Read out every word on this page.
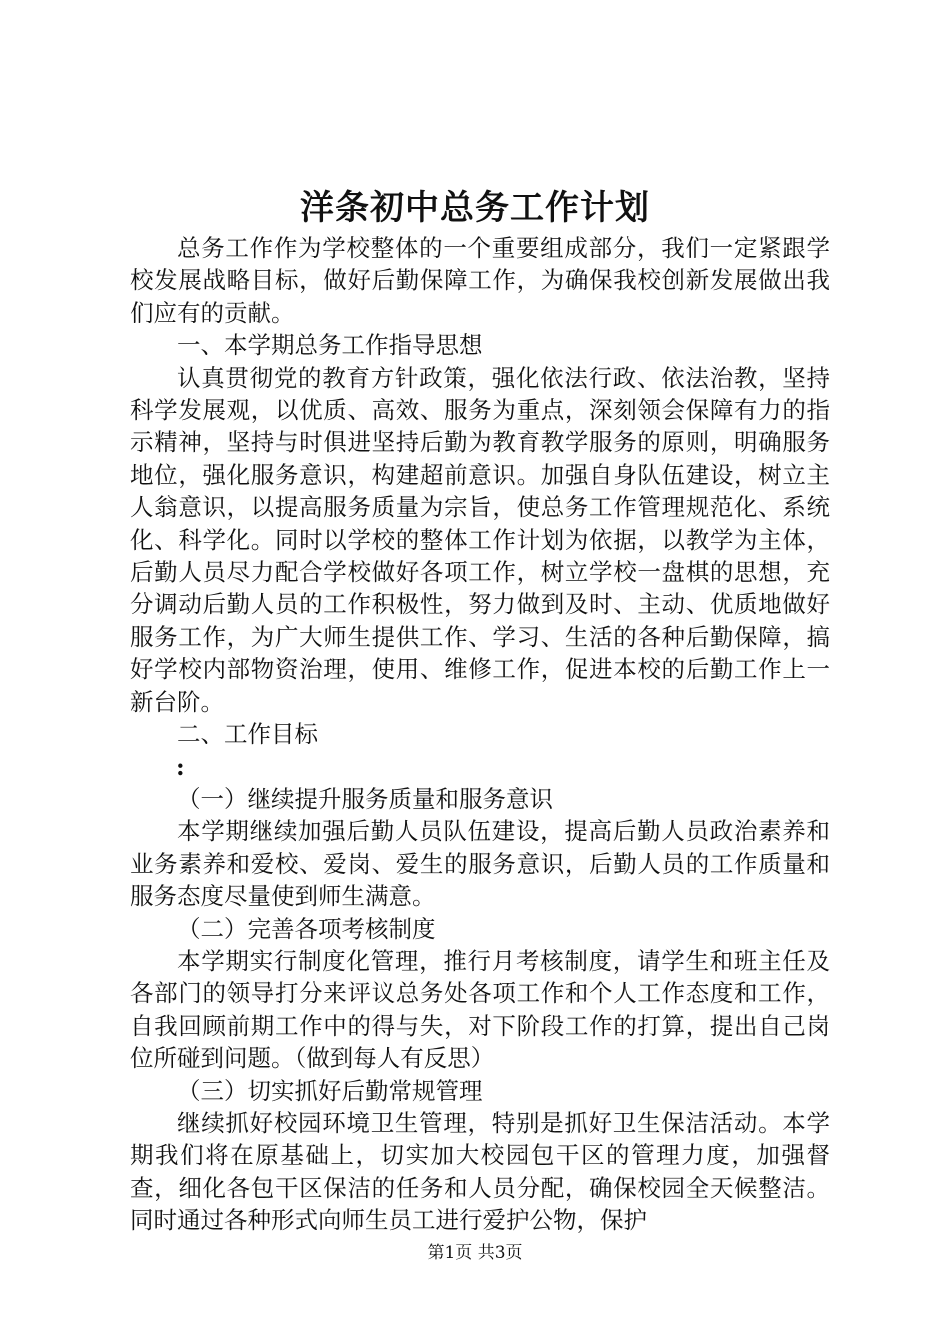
洋条初中总务工作计划

总务工作作为学校整体的一个重要组成部分，我们一定紧跟学校发展战略目标，做好后勤保障工作，为确保我校创新发展做出我们应有的贡献。

一、本学期总务工作指导思想

认真贯彻党的教育方针政策，强化依法行政、依法治教，坚持科学发展观，以优质、高效、服务为重点，深刻领会保障有力的指示精神，坚持与时俱进坚持后勤为教育教学服务的原则，明确服务地位，强化服务意识，构建超前意识。加强自身队伍建设，树立主人翁意识，以提高服务质量为宗旨，使总务工作管理规范化、系统化、科学化。同时以学校的整体工作计划为依据，以教学为主体，后勤人员尽力配合学校做好各项工作，树立学校一盘棋的思想，充分调动后勤人员的工作积极性，努力做到及时、主动、优质地做好服务工作，为广大师生提供工作、学习、生活的各种后勤保障，搞好学校内部物资治理，使用、维修工作，促进本校的后勤工作上一新台阶。

二、工作目标

:

（一）继续提升服务质量和服务意识

本学期继续加强后勤人员队伍建设，提高后勤人员政治素养和业务素养和爱校、爱岗、爱生的服务意识，后勤人员的工作质量和服务态度尽量使到师生满意。

（二）完善各项考核制度

本学期实行制度化管理，推行月考核制度，请学生和班主任及各部门的领导打分来评议总务处各项工作和个人工作态度和工作，自我回顾前期工作中的得与失，对下阶段工作的打算，提出自己岗位所碰到问题。（做到每人有反思）

（三）切实抓好后勤常规管理

继续抓好校园环境卫生管理，特别是抓好卫生保洁活动。本学期我们将在原基础上，切实加大校园包干区的管理力度，加强督查，细化各包干区保洁的任务和人员分配，确保校园全天候整洁。同时通过各种形式向师生员工进行爱护公物，保护

第1页 共3页
